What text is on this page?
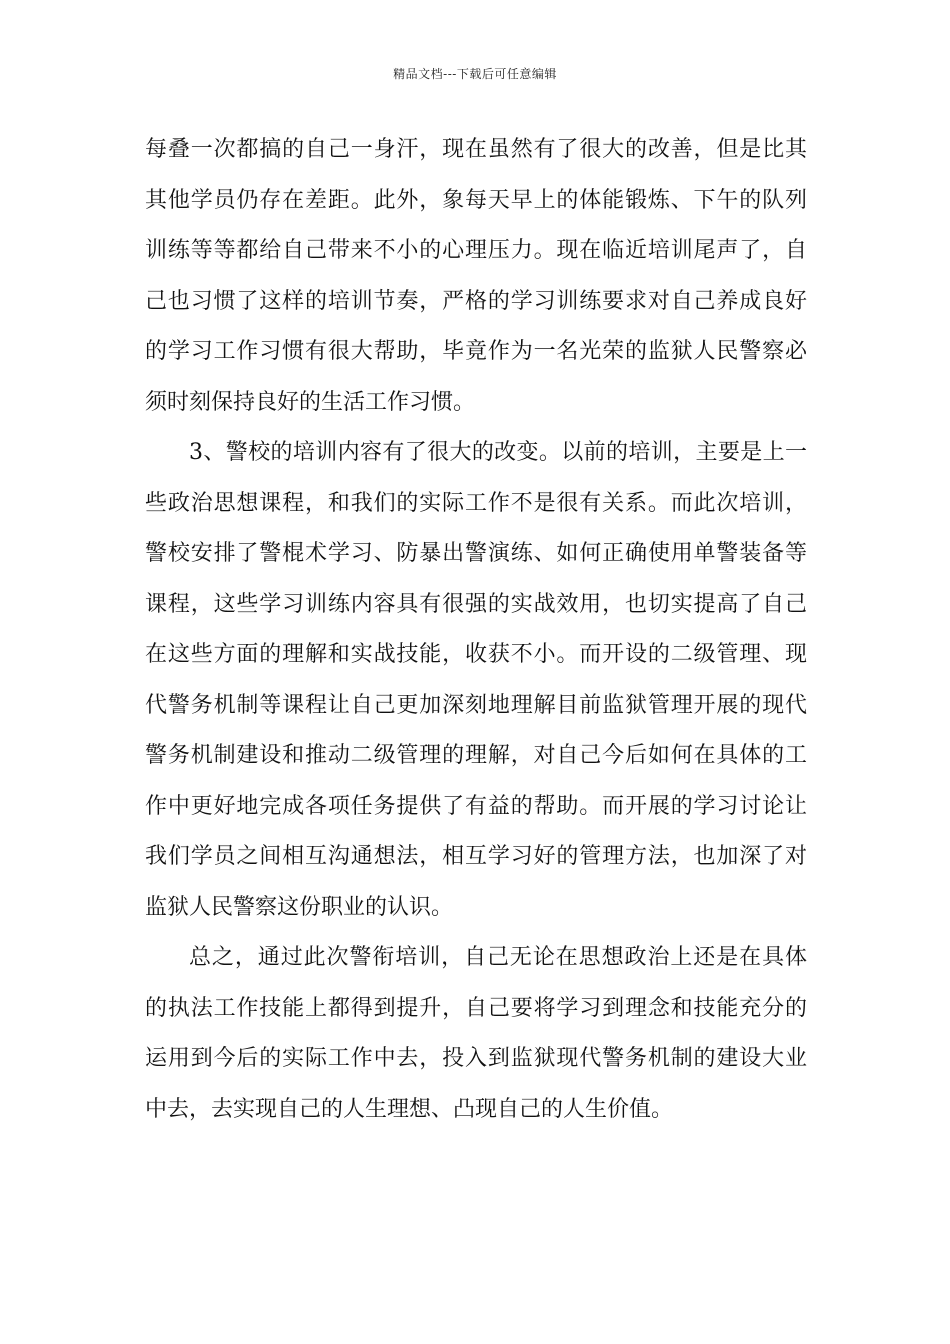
精品文档---下载后可任意编辑
每叠一次都搞的自己一身汗，现在虽然有了很大的改善，但是比其
其他学员仍存在差距。此外，象每天早上的体能锻炼、下午的队列
训练等等都给自己带来不小的心理压力。现在临近培训尾声了，自
己也习惯了这样的培训节奏，严格的学习训练要求对自己养成良好
的学习工作习惯有很大帮助，毕竟作为一名光荣的监狱人民警察必
须时刻保持良好的生活工作习惯。
3、警校的培训内容有了很大的改变。以前的培训，主要是上一
些政治思想课程，和我们的实际工作不是很有关系。而此次培训，
警校安排了警棍术学习、防暴出警演练、如何正确使用单警装备等
课程，这些学习训练内容具有很强的实战效用，也切实提高了自己
在这些方面的理解和实战技能，收获不小。而开设的二级管理、现
代警务机制等课程让自己更加深刻地理解目前监狱管理开展的现代
警务机制建设和推动二级管理的理解，对自己今后如何在具体的工
作中更好地完成各项任务提供了有益的帮助。而开展的学习讨论让
我们学员之间相互沟通想法，相互学习好的管理方法，也加深了对
监狱人民警察这份职业的认识。
总之，通过此次警衔培训，自己无论在思想政治上还是在具体
的执法工作技能上都得到提升，自己要将学习到理念和技能充分的
运用到今后的实际工作中去，投入到监狱现代警务机制的建设大业
中去，去实现自己的人生理想、凸现自己的人生价值。
